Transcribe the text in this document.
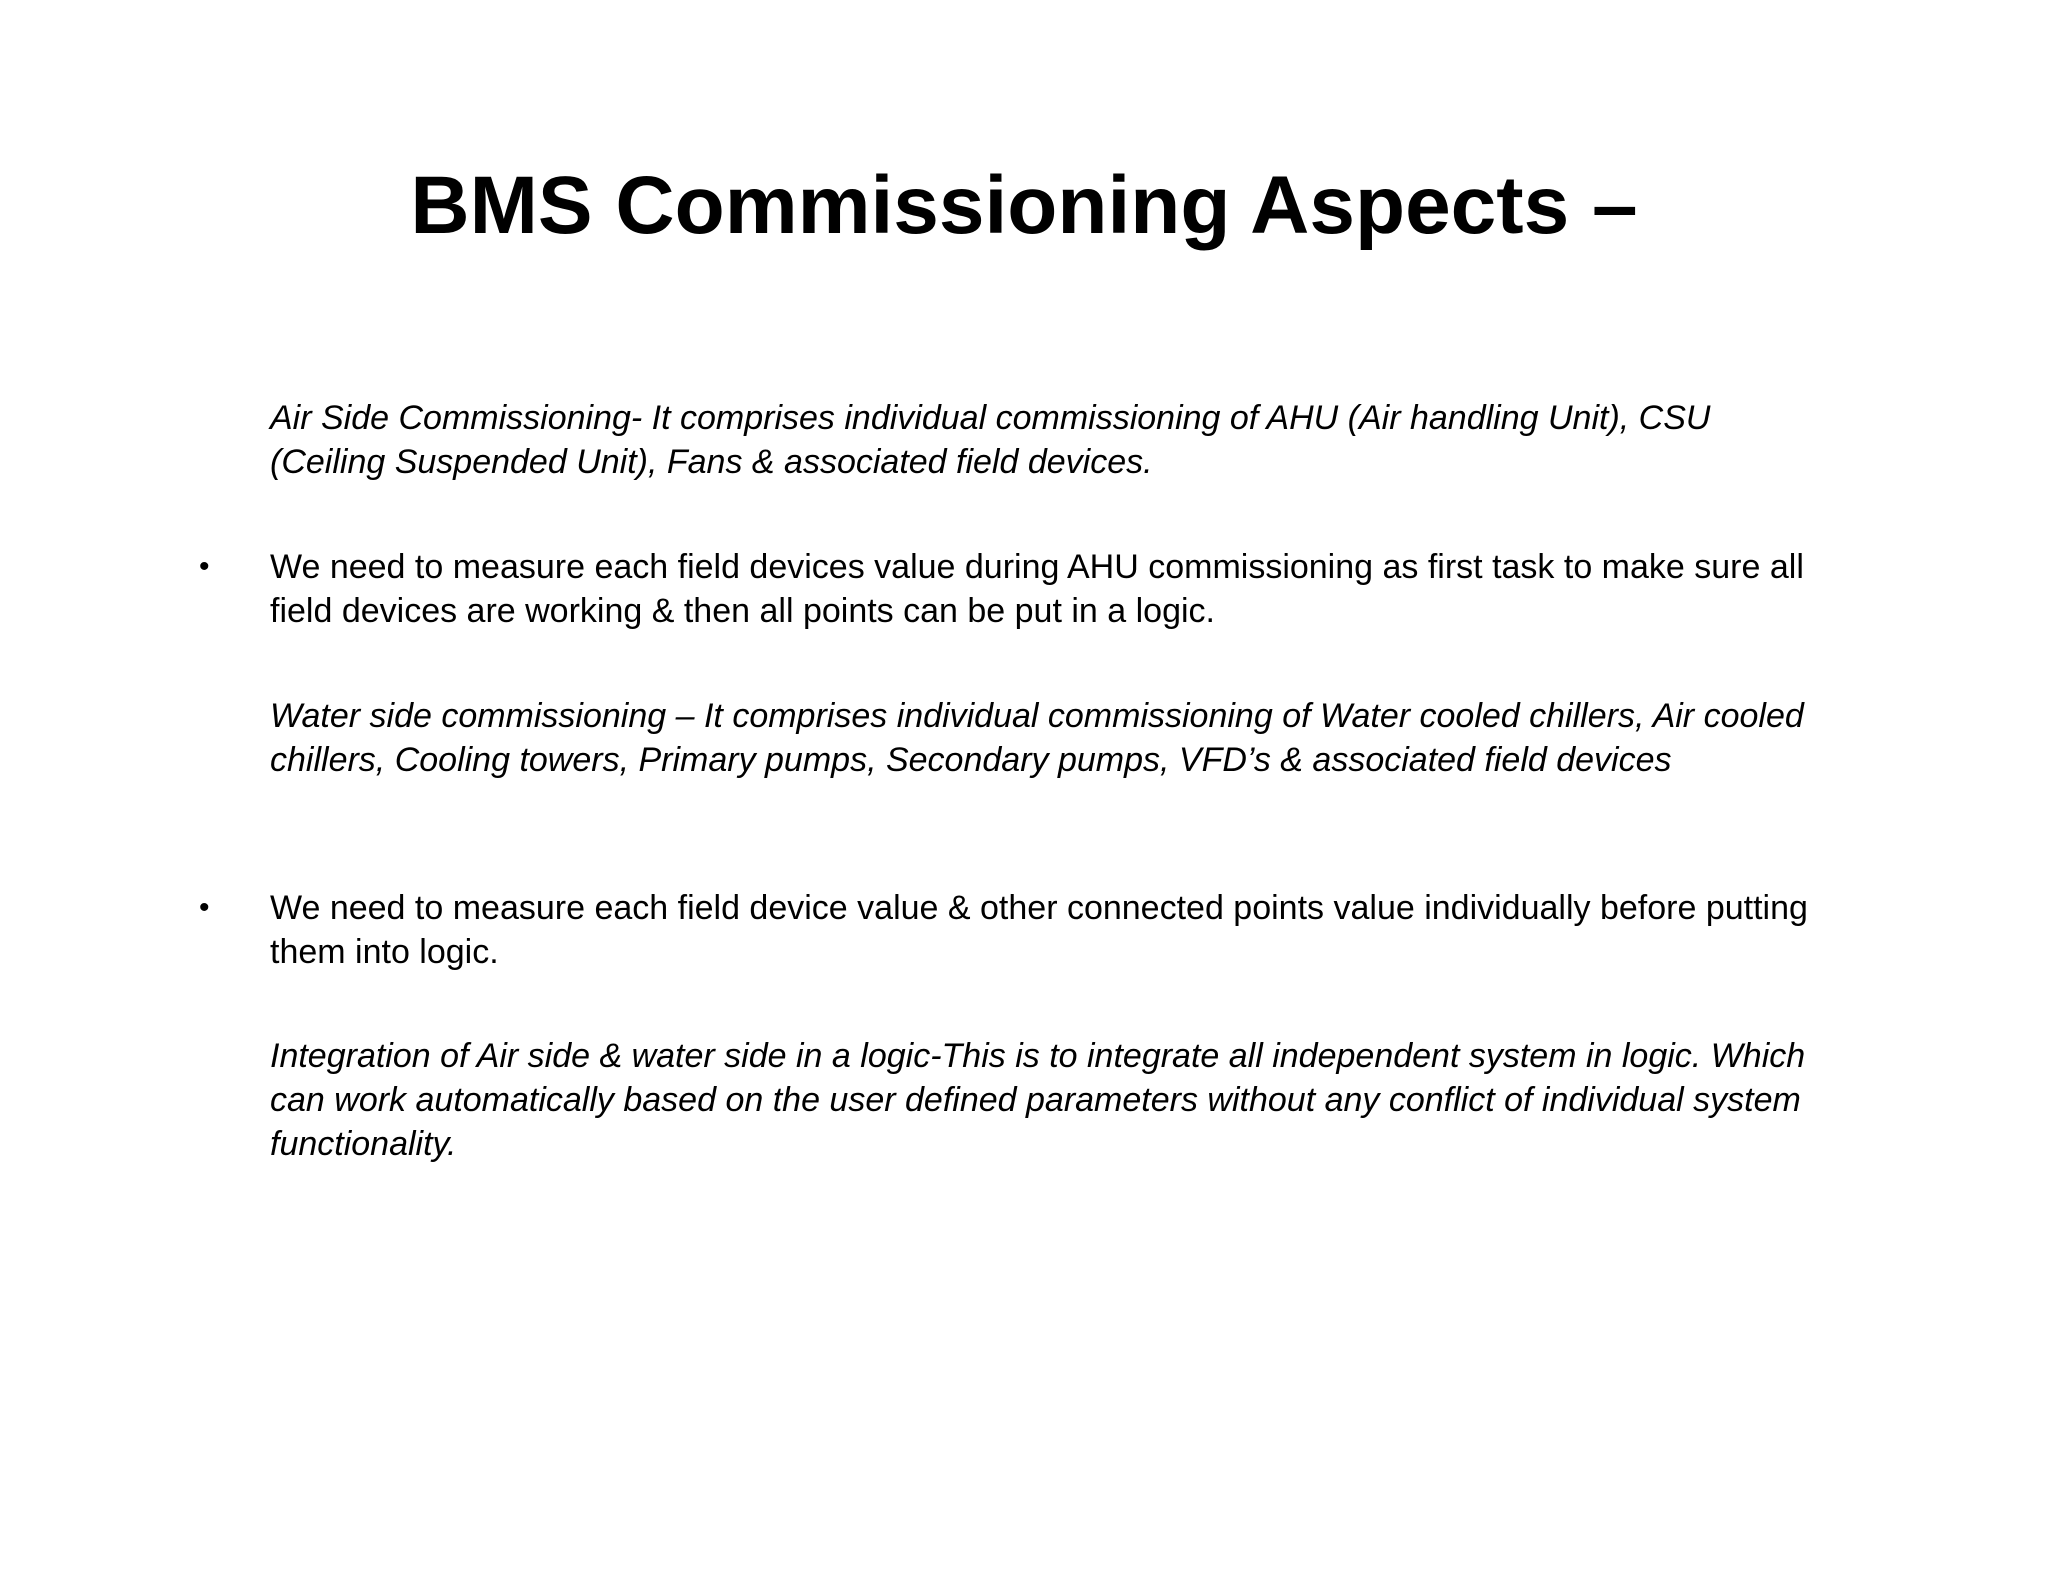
BMS Commissioning Aspects –

Air Side Commissioning- It comprises individual commissioning of AHU (Air handling Unit), CSU (Ceiling Suspended Unit), Fans & associated field devices.

• We need to measure each field devices value during AHU commissioning as first task to make sure all field devices are working & then all points can be put in a logic.

Water side commissioning – It comprises individual commissioning of Water cooled chillers, Air cooled chillers, Cooling towers, Primary pumps, Secondary pumps, VFD’s & associated field devices

• We need to measure each field device value & other connected points value individually before putting them into logic.

Integration of Air side & water side in a logic-This is to integrate all independent system in logic. Which can work automatically based on the user defined parameters without any conflict of individual system functionality.
